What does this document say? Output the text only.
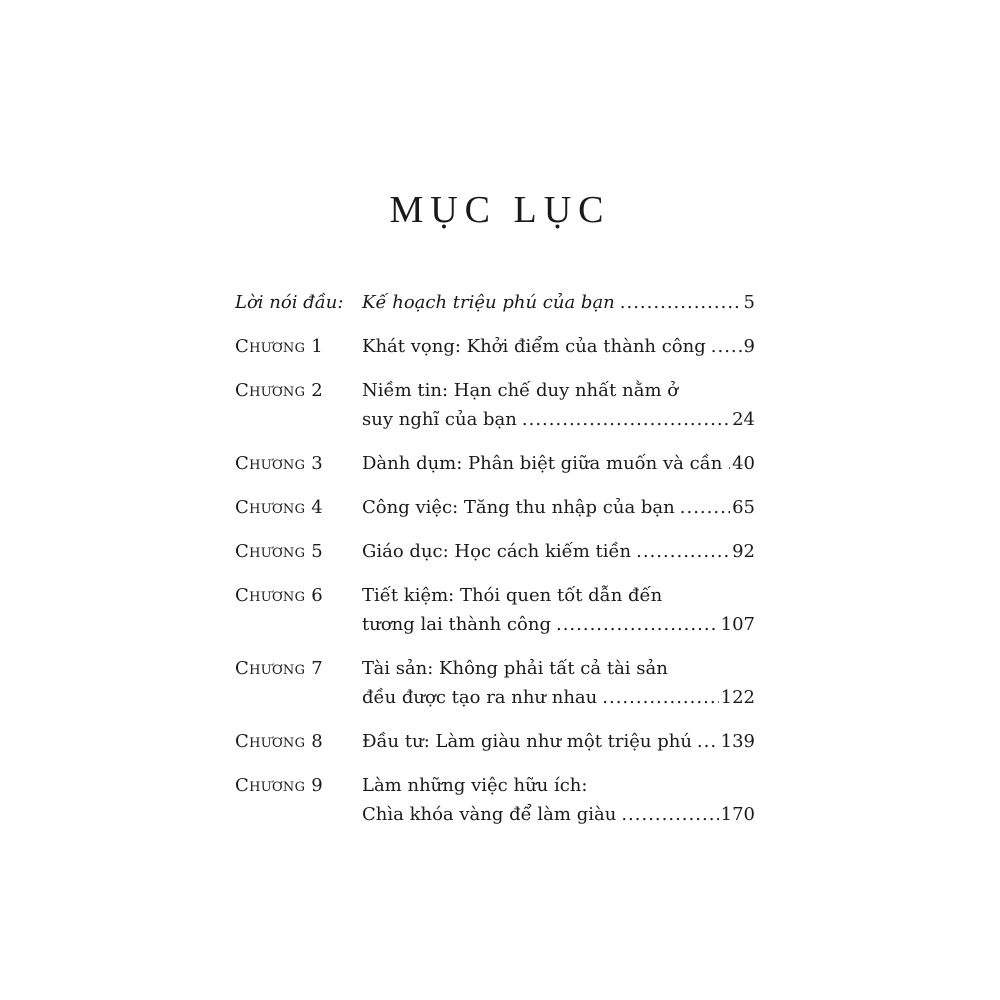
MỤC LỤC
Lời nói đầu:	Kế hoạch triệu phú của bạn .....	5
Chương 1	Khát vọng: Khởi điểm của thành công ..... 9
Chương 2	Niềm tin: Hạn chế duy nhất nằm ở
suy nghĩ của bạn .....	24
Chương 3	Dành dụm: Phân biệt giữa muốn và cần ..... 40
Chương 4	Công việc: Tăng thu nhập của bạn .....	65
Chương 5	Giáo dục: Học cách kiếm tiền .....	92
Chương 6	Tiết kiệm: Thói quen tốt dẫn đến
tương lai thành công .....	107
Chương 7	Tài sản: Không phải tất cả tài sản
đều được tạo ra như nhau .....	122
Chương 8	Đầu tư: Làm giàu như một triệu phú ..... 139
Chương 9	Làm những việc hữu ích:
Chìa khóa vàng để làm giàu .....	170
